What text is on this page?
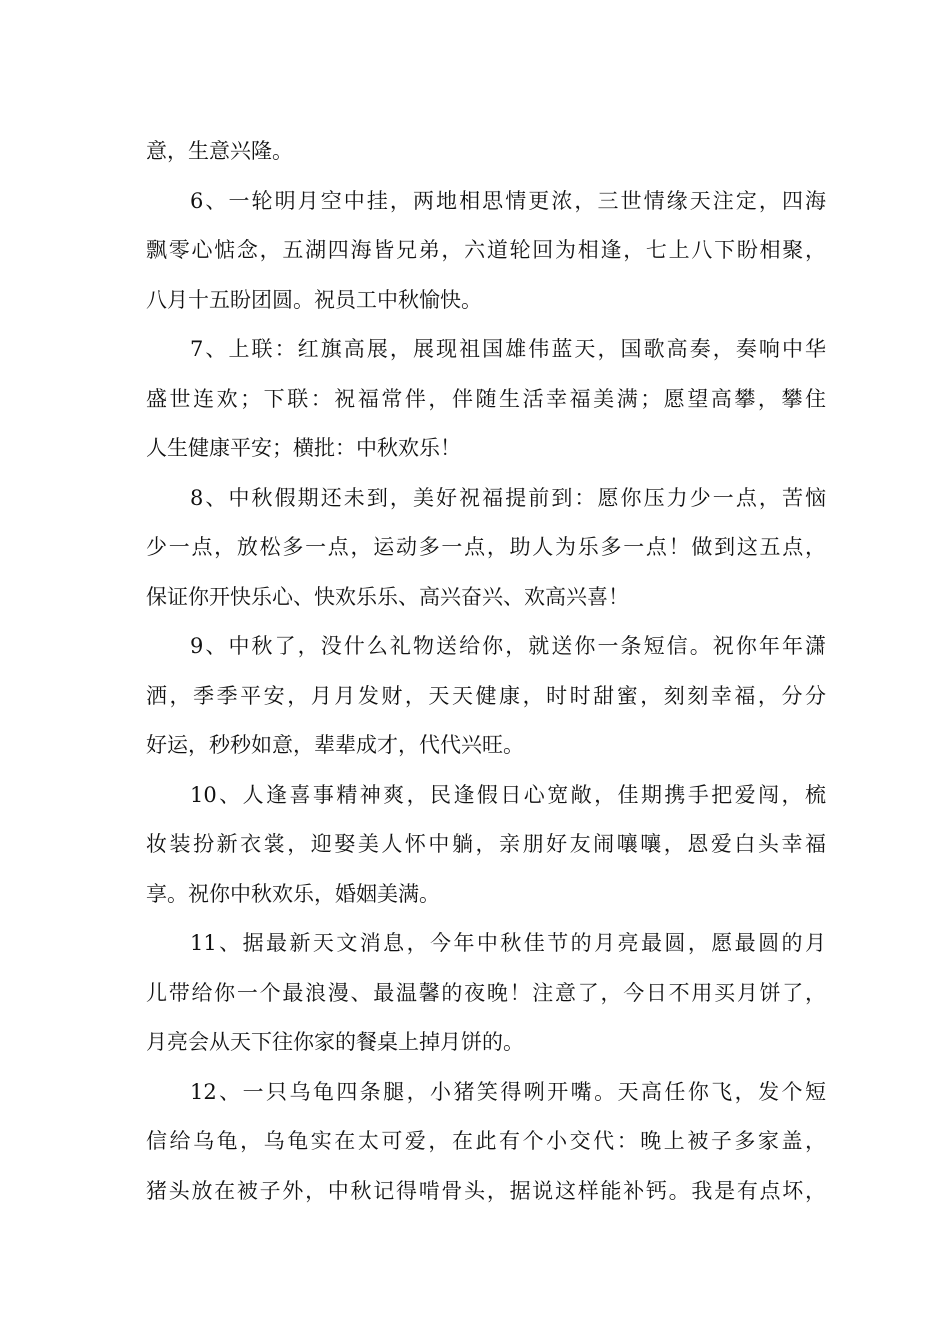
意，生意兴隆。
6、一轮明月空中挂，两地相思情更浓，三世情缘天注定，四海
飘零心惦念，五湖四海皆兄弟，六道轮回为相逢，七上八下盼相聚，
八月十五盼团圆。祝员工中秋愉快。
7、上联：红旗高展，展现祖国雄伟蓝天，国歌高奏，奏响中华
盛世连欢；下联：祝福常伴，伴随生活幸福美满；愿望高攀，攀住
人生健康平安；横批：中秋欢乐！
8、中秋假期还未到，美好祝福提前到：愿你压力少一点，苦恼
少一点，放松多一点，运动多一点，助人为乐多一点！做到这五点，
保证你开快乐心、快欢乐乐、高兴奋兴、欢高兴喜！
9、中秋了，没什么礼物送给你，就送你一条短信。祝你年年潇
洒，季季平安，月月发财，天天健康，时时甜蜜，刻刻幸福，分分
好运，秒秒如意，辈辈成才，代代兴旺。
10、人逢喜事精神爽，民逢假日心宽敞，佳期携手把爱闯，梳
妆装扮新衣裳，迎娶美人怀中躺，亲朋好友闹嚷嚷，恩爱白头幸福
享。祝你中秋欢乐，婚姻美满。
11、据最新天文消息，今年中秋佳节的月亮最圆，愿最圆的月
儿带给你一个最浪漫、最温馨的夜晚！注意了，今日不用买月饼了，
月亮会从天下往你家的餐桌上掉月饼的。
12、一只乌龟四条腿，小猪笑得咧开嘴。天高任你飞，发个短
信给乌龟，乌龟实在太可爱，在此有个小交代：晚上被子多家盖，
猪头放在被子外，中秋记得啃骨头，据说这样能补钙。我是有点坏，
